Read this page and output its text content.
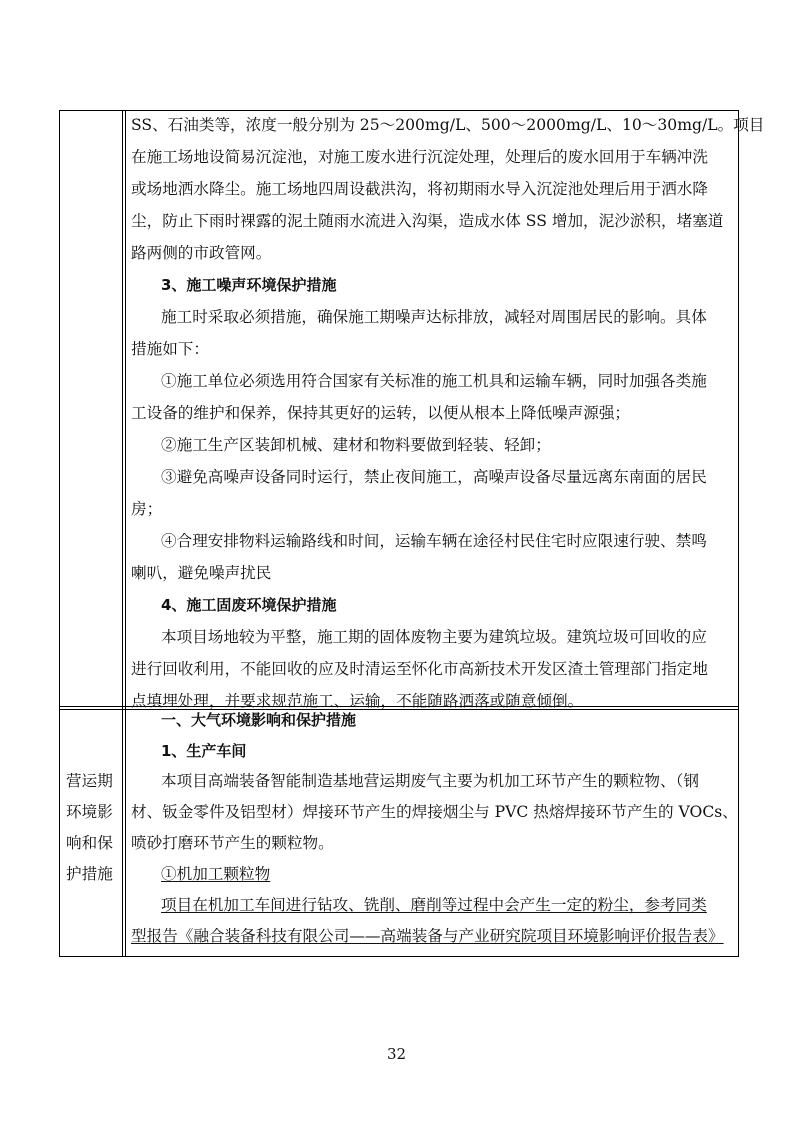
SS、石油类等，浓度一般分别为 25～200mg/L、500～2000mg/L、10～30mg/L。项目
在施工场地设简易沉淀池，对施工废水进行沉淀处理，处理后的废水回用于车辆冲洗
或场地洒水降尘。施工场地四周设截洪沟，将初期雨水导入沉淀池处理后用于洒水降
尘，防止下雨时裸露的泥土随雨水流进入沟渠，造成水体 SS 增加，泥沙淤积，堵塞道
路两侧的市政管网。
3、施工噪声环境保护措施
施工时采取必须措施，确保施工期噪声达标排放，减轻对周围居民的影响。具体
措施如下：
①施工单位必须选用符合国家有关标准的施工机具和运输车辆，同时加强各类施
工设备的维护和保养，保持其更好的运转，以便从根本上降低噪声源强；
②施工生产区装卸机械、建材和物料要做到轻装、轻卸；
③避免高噪声设备同时运行，禁止夜间施工，高噪声设备尽量远离东南面的居民
房；
④合理安排物料运输路线和时间，运输车辆在途径村民住宅时应限速行驶、禁鸣
喇叭，避免噪声扰民
4、施工固废环境保护措施
本项目场地较为平整，施工期的固体废物主要为建筑垃圾。建筑垃圾可回收的应
进行回收利用，不能回收的应及时清运至怀化市高新技术开发区渣土管理部门指定地
点填埋处理，并要求规范施工、运输，不能随路洒落或随意倾倒。
营运期
环境影
响和保
护措施
一、大气环境影响和保护措施
1、生产车间
本项目高端装备智能制造基地营运期废气主要为机加工环节产生的颗粒物、（钢
材、钣金零件及铝型材）焊接环节产生的焊接烟尘与 PVC 热熔焊接环节产生的 VOCs、
喷砂打磨环节产生的颗粒物。
①机加工颗粒物
项目在机加工车间进行钻攻、铣削、磨削等过程中会产生一定的粉尘，参考同类
型报告《融合装备科技有限公司——高端装备与产业研究院项目环境影响评价报告表》
32
